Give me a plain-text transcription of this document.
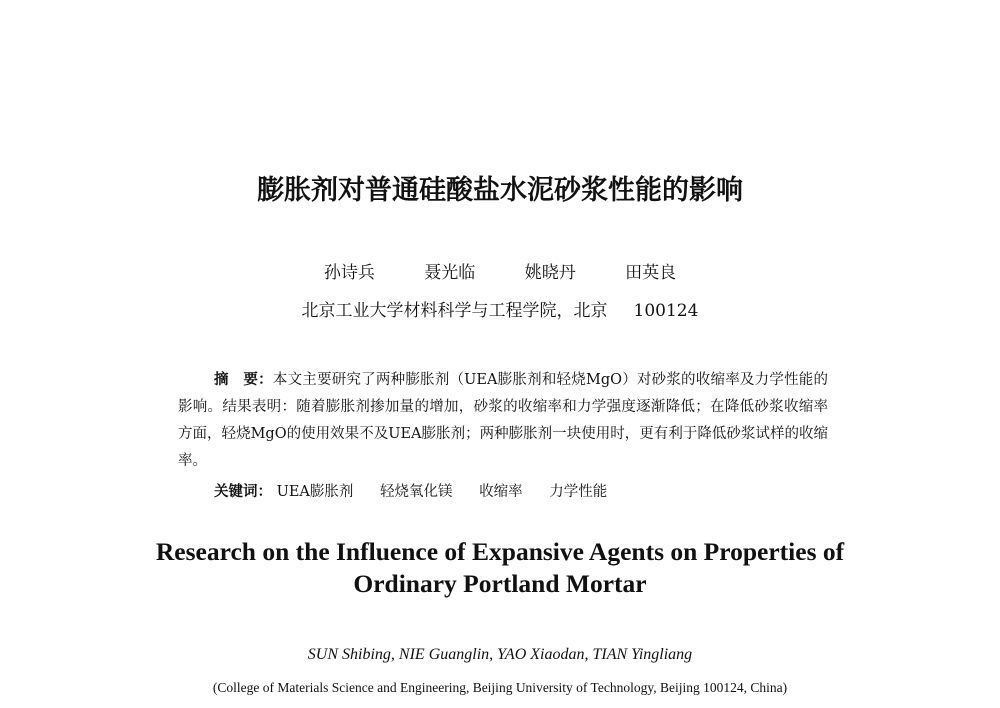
膨胀剂对普通硅酸盐水泥砂浆性能的影响
孙诗兵	聂光临	姚晓丹	田英良
北京工业大学材料科学与工程学院，北京 100124
摘　要：本文主要研究了两种膨胀剂（UEA膨胀剂和轻烧MgO）对砂浆的收缩率及力学性能的影响。结果表明：随着膨胀剂掺加量的增加，砂浆的收缩率和力学强度逐渐降低；在降低砂浆收缩率方面，轻烧MgO的使用效果不及UEA膨胀剂；两种膨胀剂一块使用时，更有利于降低砂浆试样的收缩率。
关键词： UEA膨胀剂 轻烧氧化镁 收缩率 力学性能
Research on the Influence of Expansive Agents on Properties of
Ordinary Portland Mortar
SUN Shibing, NIE Guanglin, YAO Xiaodan, TIAN Yingliang
(College of Materials Science and Engineering, Beijing University of Technology, Beijing 100124, China)
